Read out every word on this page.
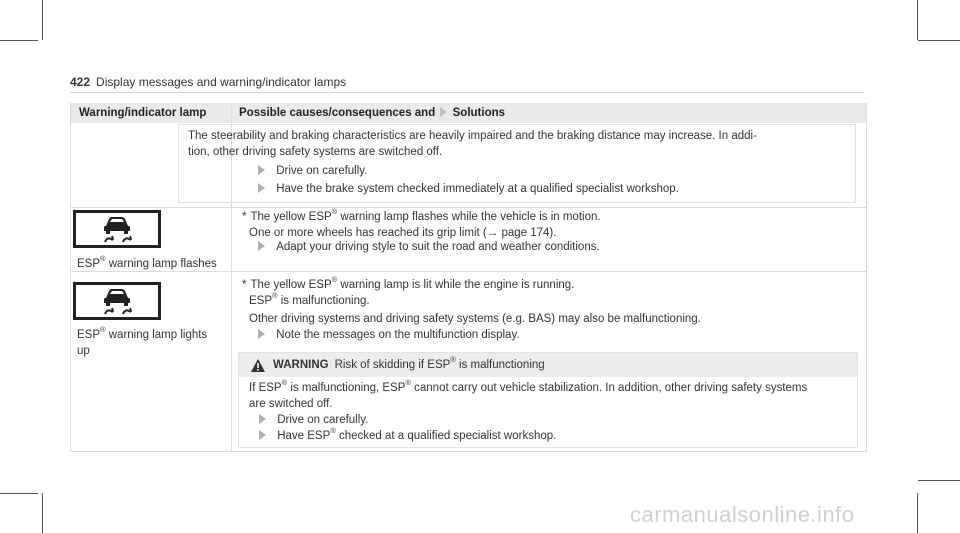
422 Display messages and warning/indicator lamps
Warning/indicator lamp	Possible causes/consequences and Solutions
The steerability and braking characteristics are heavily impaired and the braking distance may increase. In addi-
tion, other driving safety systems are switched off.
Drive on carefully.
Have the brake system checked immediately at a qualified specialist workshop.
ESP® warning lamp flashes
* The yellow ESP® warning lamp flashes while the vehicle is in motion.
One or more wheels has reached its grip limit (→ page 174).
Adapt your driving style to suit the road and weather conditions.
ESP® warning lamp lights
up
* The yellow ESP® warning lamp is lit while the engine is running.
ESP® is malfunctioning.
Other driving systems and driving safety systems (e.g. BAS) may also be malfunctioning.
Note the messages on the multifunction display.
WARNING Risk of skidding if ESP® is malfunctioning
If ESP® is malfunctioning, ESP® cannot carry out vehicle stabilization. In addition, other driving safety systems
are switched off.
Drive on carefully.
Have ESP® checked at a qualified specialist workshop.
carmanualsonline.info
